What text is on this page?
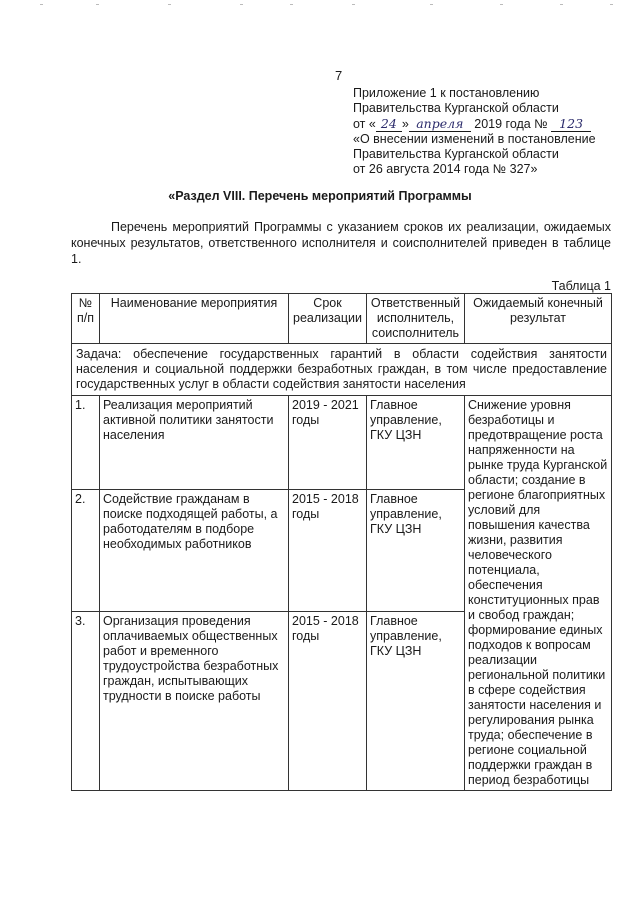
7
Приложение 1 к постановлению
Правительства Курганской области
от « 24 » апреля 2019 года № 123
«О внесении изменений в постановление
Правительства Курганской области
от 26 августа 2014 года № 327»
«Раздел VIII. Перечень мероприятий Программы
Перечень мероприятий Программы с указанием сроков их реализации, ожидаемых конечных результатов, ответственного исполнителя и соисполнителей приведен в таблице 1.
Таблица 1
№ п/п	Наименование мероприятия	Срок реализации	Ответственный исполнитель, соисполнитель	Ожидаемый конечный результат

Задача: обеспечение государственных гарантий в области содействия занятости населения и социальной поддержки безработных граждан, в том числе предоставление государственных услуг в области содействия занятости населения				

1.	Реализация мероприятий активной политики занятости населения	2019 - 2021 годы	Главное управление, ГКУ ЦЗН	Снижение уровня безработицы и предотвращение роста напряженности на рынке труда Курганской области; создание в регионе благоприятных условий для повышения качества жизни, развития человеческого потенциала, обеспечения конституционных прав и свобод граждан; формирование единых подходов к вопросам реализации региональной политики в сфере содействия занятости населения и регулирования рынка труда; обеспечение в регионе социальной поддержки граждан в период безработицы
2.	Содействие гражданам в поиске подходящей работы, а работодателям в подборе необходимых работников	2015 - 2018 годы	Главное управление, ГКУ ЦЗН	
3.	Организация проведения оплачиваемых общественных работ и временного трудоустройства безработных граждан, испытывающих трудности в поиске работы	2015 - 2018 годы	Главное управление, ГКУ ЦЗН	
